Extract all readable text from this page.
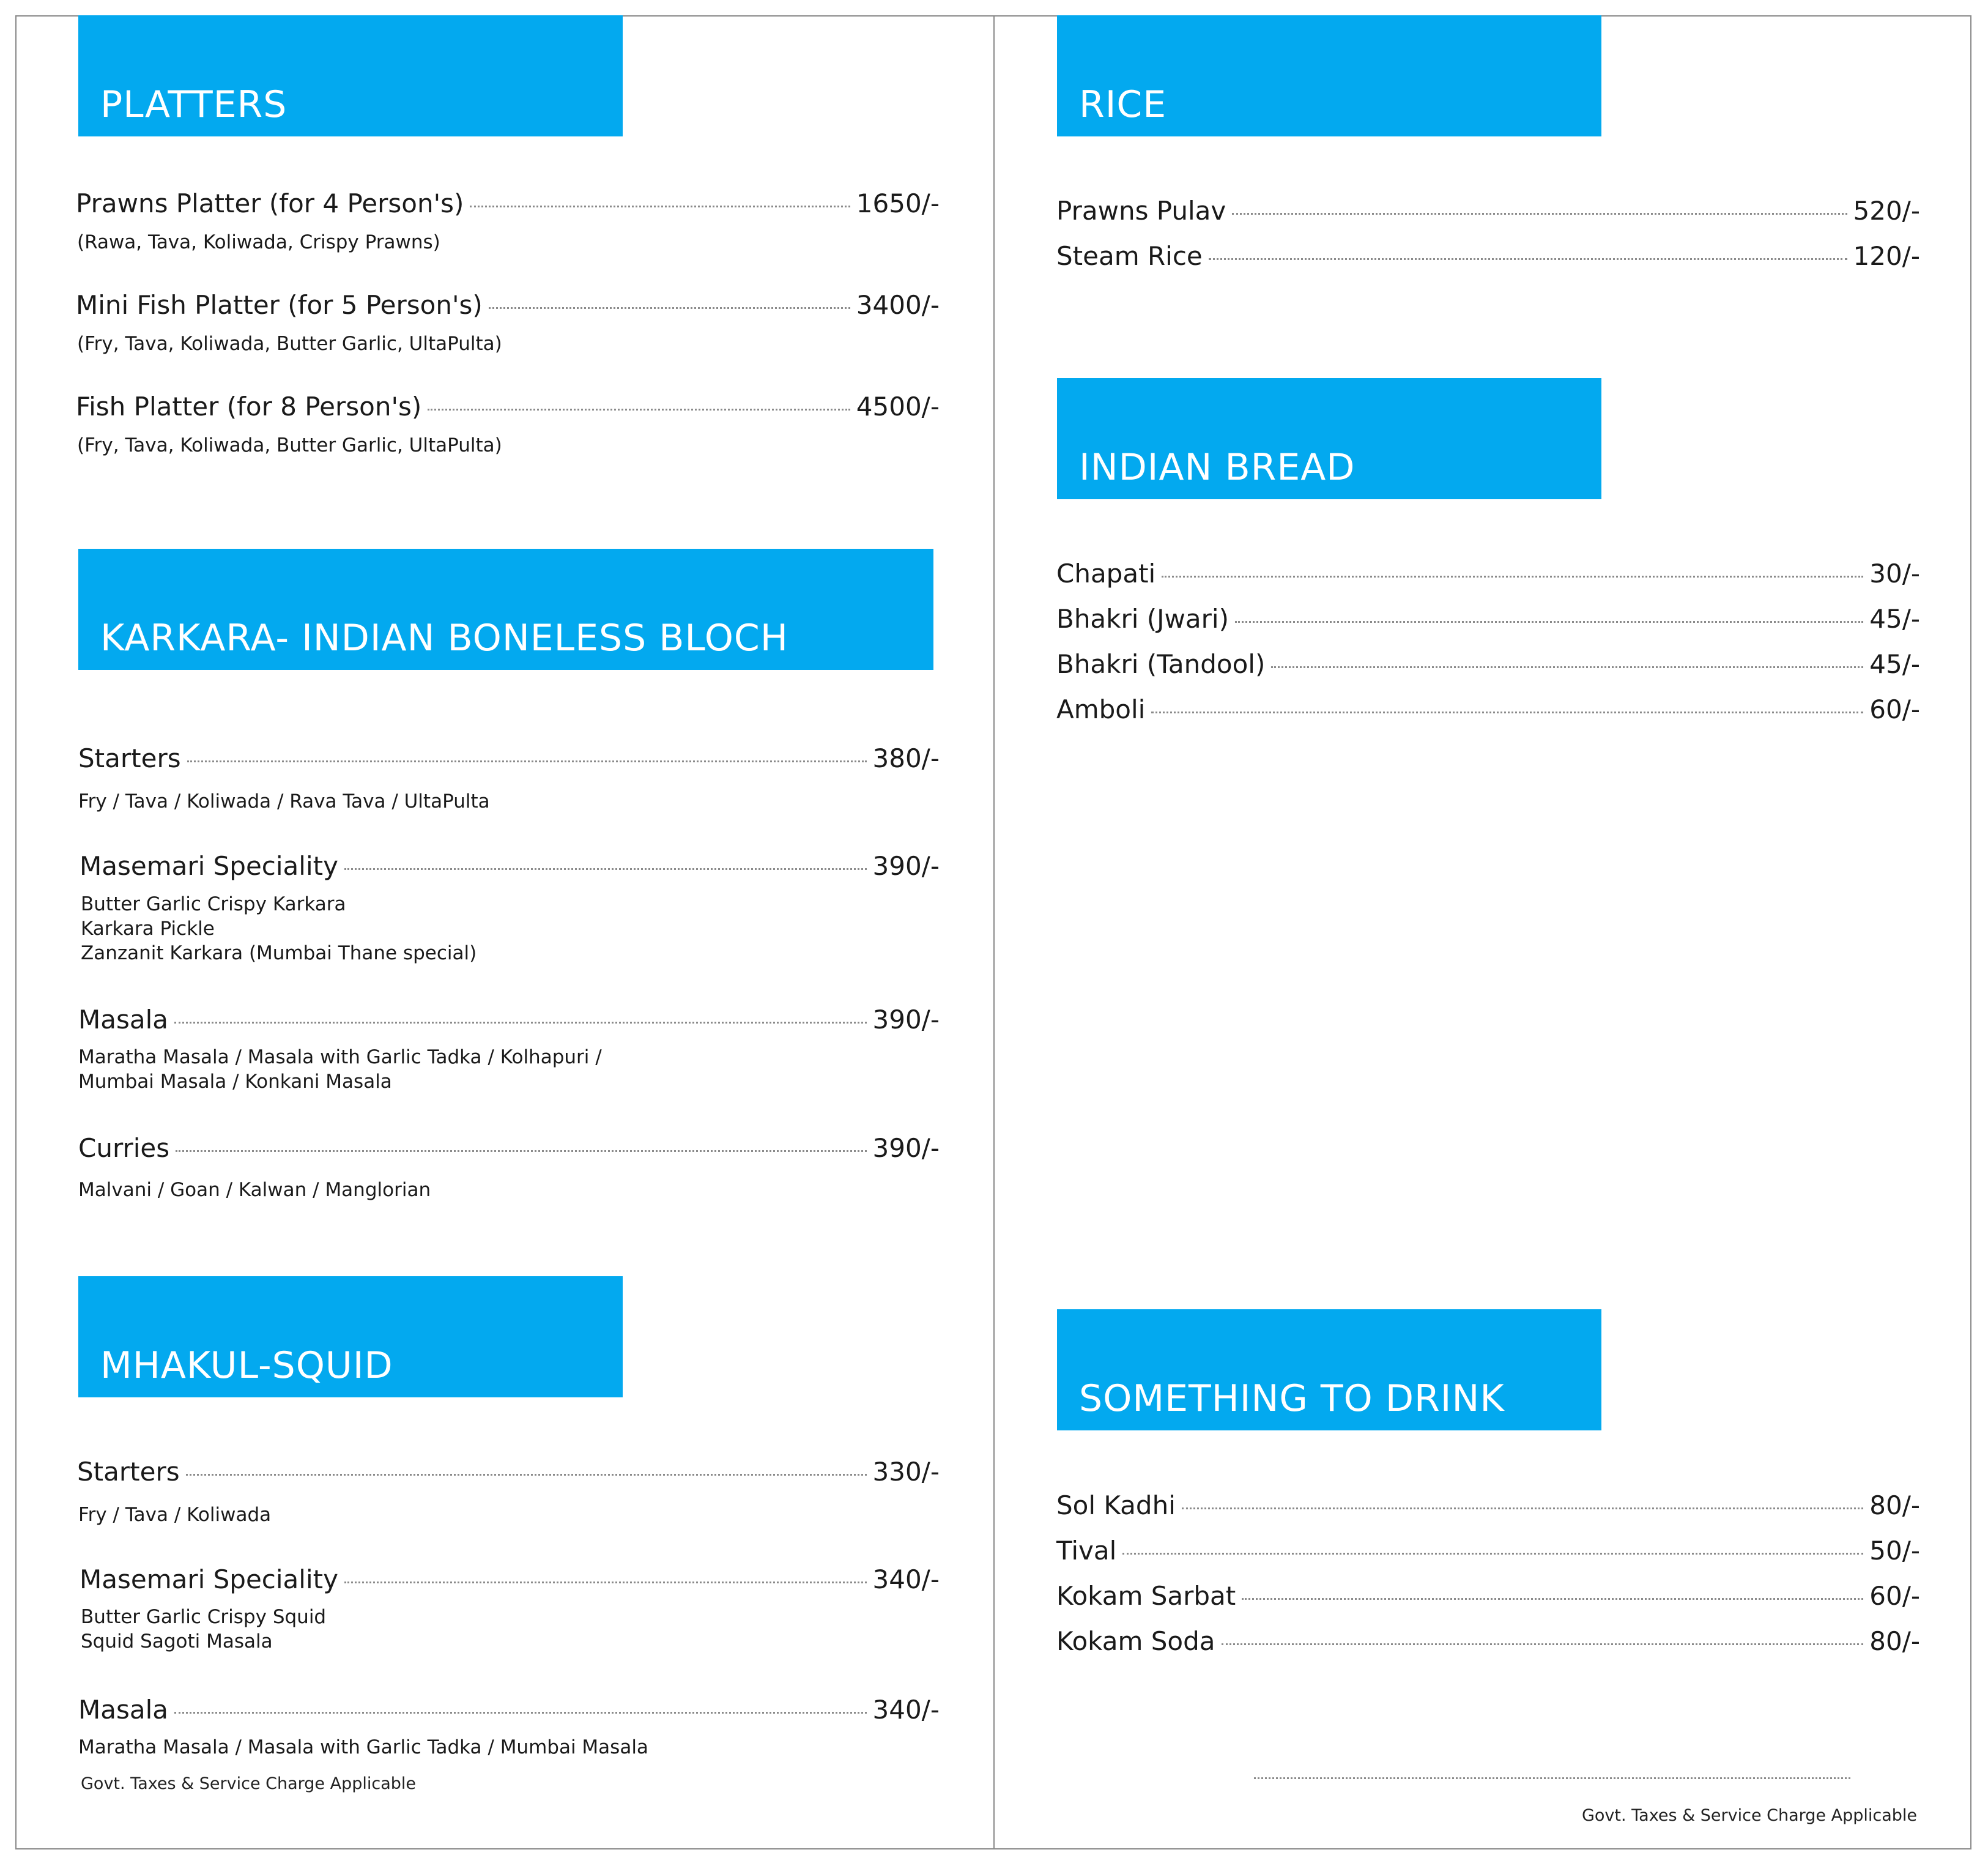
PLATTERS
Prawns Platter (for 4 Person's)	1650/-
(Rawa, Tava, Koliwada, Crispy Prawns)
Mini Fish Platter (for 5 Person's)	3400/-
(Fry, Tava, Koliwada, Butter Garlic, UltaPulta)
Fish Platter (for 8 Person's)	4500/-
(Fry, Tava, Koliwada, Butter Garlic, UltaPulta)
KARKARA- INDIAN BONELESS BLOCH
Starters	380/-
Fry / Tava / Koliwada / Rava Tava / UltaPulta
Masemari Speciality	390/-
Butter Garlic Crispy Karkara
Karkara Pickle
Zanzanit Karkara (Mumbai Thane special)
Masala	390/-
Maratha Masala / Masala with Garlic Tadka / Kolhapuri /
Mumbai Masala / Konkani Masala
Curries	390/-
Malvani / Goan / Kalwan / Manglorian
MHAKUL-SQUID
Starters	330/-
Fry / Tava / Koliwada
Masemari Speciality	340/-
Butter Garlic Crispy Squid
Squid Sagoti Masala
Masala	340/-
Maratha Masala / Masala with Garlic Tadka / Mumbai Masala
Govt. Taxes & Service Charge Applicable
RICE
Prawns Pulav	520/-
Steam Rice	120/-
INDIAN BREAD
Chapati	30/-
Bhakri (Jwari)	45/-
Bhakri (Tandool)	45/-
Amboli	60/-
SOMETHING TO DRINK
Sol Kadhi	80/-
Tival	50/-
Kokam Sarbat	60/-
Kokam Soda	80/-
Govt. Taxes & Service Charge Applicable
